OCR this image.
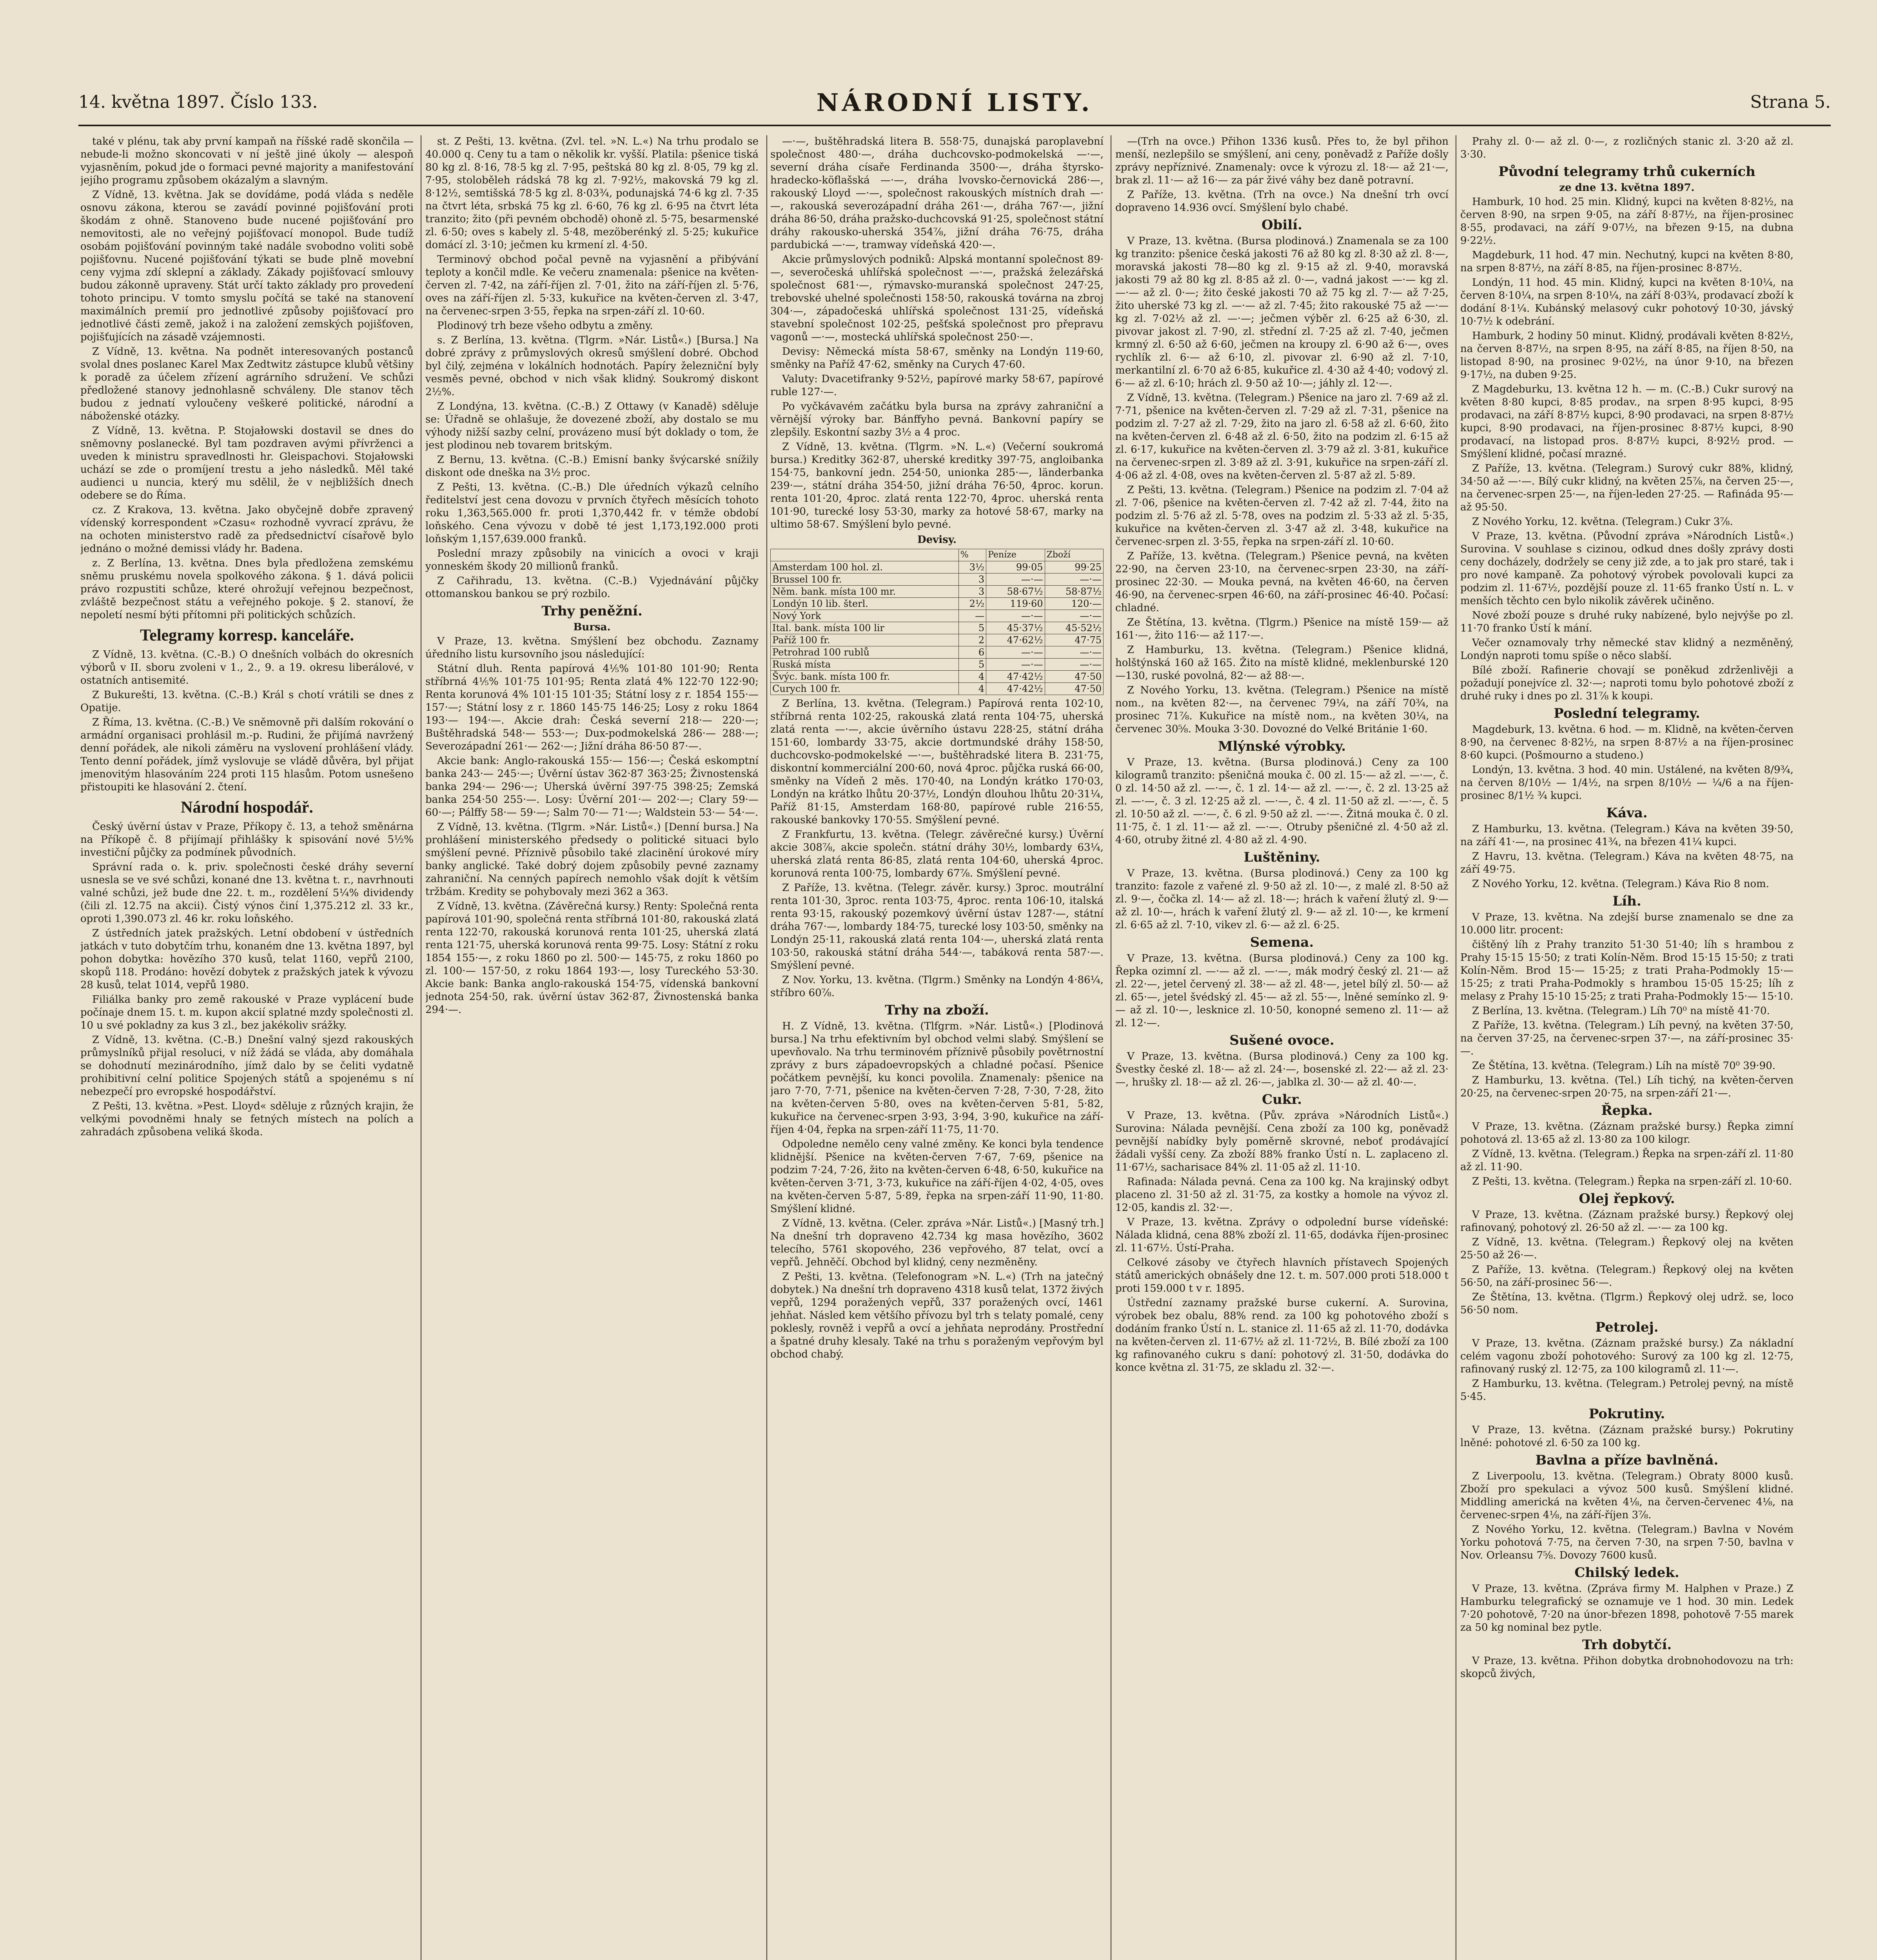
14. května 1897. Číslo 133.	NÁRODNÍ LISTY.	Strana 5.

také v plénu, tak aby první kampaň na říšské radě skončila — nebude-li možno skoncovati v ní ještě jiné úkoly — alespoň vyjasněním, pokud jde o formaci pevné majority a manifestování jejího programu způsobem okázalým a slavným.

Z Vídně, 13. května. Jak se dovídáme, podá vláda s neděle osnovu zákona, kterou se zavádí povinné pojišťování proti škodám z ohně. Stanoveno bude nucené pojišťování pro nemovitosti, ale no veřejný pojišťovací monopol. Bude tudíž osobám pojišťování povinným také nadále svobodno voliti sobě pojišťovnu. Nucené pojišťování týkati se bude plně movební ceny vyjma zdí sklepní a základy. Zákady pojišťovací smlouvy budou zákonně upraveny. Stát určí takto základy pro provedení tohoto principu. V tomto smyslu počítá se také na stanovení maximálních premií pro jednotlivé způsoby pojišťovací pro jednotlivé části země, jakož i na založení zemských pojišťoven, pojišťujících na zásadě vzájemnosti.

Z Vídně, 13. května. Na podnět interesovaných postanců svolal dnes poslanec Karel Max Zedtwitz zástupce klubů většiny k poradě za účelem zřízení agrárního sdružení. Ve schůzi předložené stanovy jednohlasně schváleny. Dle stanov těch budou z jednatí vyloučeny veškeré politické, národní a náboženské otázky.

Z Vídně, 13. května. P. Stojałowski dostavil se dnes do sněmovny poslanecké. Byl tam pozdraven avými přívrženci a uveden k ministru spravedlnosti hr. Gleispachovi. Stojałowski uchází se zde o promíjení trestu a jeho následků. Měl také audienci u nuncia, který mu sdělil, že v nejbližších dnech odebere se do Říma.

cz. Z Krakova, 13. května. Jako obyčejně dobře zpravený vídenský korrespondent »Czasu« rozhodně vyvrací zprávu, že na ochoten ministerstvo radě za předsednictví císařově bylo jednáno o možné demissi vlády hr. Badena.

z. Z Berlína, 13. května. Dnes byla předložena zemskému sněmu pruskému novela spolkového zákona. § 1. dává policii právo rozpustiti schůze, které ohrožují veřejnou bezpečnost, zvláště bezpečnost státu a veřejného pokoje. § 2. stanoví, že nepoletí nesmí býti přítomni při politických schůzích.

Telegramy korresp. kanceláře.

Z Vídně, 13. května. (C.-B.) O dnešních volbách do okresních výborů v II. sboru zvoleni v 1., 2., 9. a 19. okresu liberálové, v ostatních antisemité.

Z Bukurešti, 13. května. (C.-B.) Král s chotí vrátili se dnes z Opatije.

Z Říma, 13. května. (C.-B.) Ve sněmovně při dalším rokování o armádní organisaci prohlásil m.-p. Rudini, že přijímá navržený denní pořádek, ale nikoli záměru na vyslovení prohlášení vlády. Tento denní pořádek, jímž vyslovuje se vládě důvěra, byl přijat jmenovitým hlasováním 224 proti 115 hlasům. Potom usnešeno přistoupiti ke hlasování 2. čtení.

Národní hospodář.

Český úvěrní ústav v Praze, Příkopy č. 13, a tehož směnárna na Příkopě č. 8 přijímají přihlášky k spisování nové 5½% investiční půjčky za podmínek původních.

Správní rada o. k. priv. společnosti české dráhy severní usnesla se ve své schůzi, konané dne 13. května t. r., navrhnouti valné schůzi, jež bude dne 22. t. m., rozdělení 5¼% dividendy (čili zl. 12.75 na akcii). Čistý výnos činí 1,375.212 zl. 33 kr., oproti 1,390.073 zl. 46 kr. roku loňského.

Z ústředních jatek pražských. Letní obdobení v ústředních jatkách v tuto dobytčím trhu, konaném dne 13. května 1897, byl pohon dobytka: hovězího 370 kusů, telat 1160, vepřů 2100, skopů 118. Prodáno: hovězí dobytek z pražských jatek k vývozu 28 kusů, telat 1014, vepřů 1980.

Filiálka banky pro země rakouské v Praze vyplácení bude počínaje dnem 15. t. m. kupon akcií splatné mzdy společnosti zl. 10 u své pokladny za kus 3 zl., bez jakékoliv srážky.

Z Vídně, 13. května. (C.-B.) Dnešní valný sjezd rakouských průmyslníků přijal resoluci, v níž žádá se vláda, aby domáhala se dohodnutí mezinárodního, jímž dalo by se čeliti vydatně prohibitivní celní politice Spojených států a spojenému s ní nebezpečí pro evropské hospodářství.

Z Pešti, 13. května. »Pest. Lloyd« sděluje z různých krajin, že velkými povodněmi hnaly se fetných místech na polích a zahradách způsobena veliká škoda.

st. Z Pešti, 13. května. (Zvl. tel. »N. L.«) Na trhu prodalo se 40.000 q. Ceny tu a tam o několik kr. vyšší. Platila: pšenice tiská 80 kg zl. 8·16, 78·5 kg zl. 7·95, peštská 80 kg zl. 8·05, 79 kg zl. 7·95, stoloběleh rádská 78 kg zl. 7·92½, makovská 79 kg zl. 8·12½, semtišská 78·5 kg zl. 8·03¾, podunajská 74·6 kg zl. 7·35 na čtvrt léta, srbská 75 kg zl. 6·60, 76 kg zl. 6·95 na čtvrt léta tranzito; žito (při pevném obchodě) ohoně zl. 5·75, besarmenské zl. 6·50; oves s kabely zl. 5·48, mezöberénký zl. 5·25; kukuřice domácí zl. 3·10; ječmen ku krmení zl. 4·50.

Terminový obchod počal pevně na vyjasnění a přibývání teploty a končil mdle. Ke večeru znamenala: pšenice na květen-červen zl. 7·42, na září-říjen zl. 7·01, žito na září-říjen zl. 5·76, oves na září-říjen zl. 5·33, kukuřice na květen-červen zl. 3·47, na červenec-srpen 3·55, řepka na srpen-září zl. 10·60.

Plodinový trh beze všeho odbytu a změny.

s. Z Berlína, 13. května. (Tlgrm. »Nár. Listů«.) [Bursa.] Na dobré zprávy z průmyslových okresů smýšlení dobré. Obchod byl čilý, zejména v lokálních hodnotách. Papíry železniční byly vesměs pevné, obchod v nich však klidný. Soukromý diskont 2½%.

Z Londýna, 13. května. (C.-B.) Z Ottawy (v Kanadě) sděluje se: Úřadně se ohlašuje, že dovezené zboží, aby dostalo se mu výhody nižší sazby celní, provázeno musí být doklady o tom, že jest plodinou neb tovarem britským.

Z Bernu, 13. května. (C.-B.) Emisní banky švýcarské snížily diskont ode dneška na 3½ proc.

Z Pešti, 13. května. (C.-B.) Dle úředních výkazů celního ředitelství jest cena dovozu v prvních čtyřech měsících tohoto roku 1,363,565.000 fr. proti 1,370,442 fr. v témže období loňského. Cena vývozu v době té jest 1,173,192.000 proti loňským 1,157,639.000 franků.

Poslední mrazy způsobily na vinicích a ovoci v kraji yonneském škody 20 millionů franků.

Z Cařihradu, 13. května. (C.-B.) Vyjednávání půjčky ottomanskou bankou se prý rozbilo.

Trhy peněžní.
Bursa.

V Praze, 13. května. Smýšlení bez obchodu. Zaznamy úředního listu kursovního jsou následující:

Státní dluh. Renta papírová 4⅕% 101·80 101·90; Renta stříbrná 4⅕% 101·75 101·95; Renta zlatá 4% 122·70 122·90; Renta korunová 4% 101·15 101·35; Státní losy z r. 1854 155·— 157·—; Státní losy z r. 1860 145·75 146·25; Losy z roku 1864 193·— 194·—. Akcie drah: Česká severní 218·— 220·—; Buštěhradská 548·— 553·—; Dux-podmokelská 286·— 288·—; Severozápadní 261·— 262·—; Jižní dráha 86·50 87·—.

Akcie bank: Anglo-rakouská 155·— 156·—; Česká eskomptní banka 243·— 245·—; Úvěrní ústav 362·87 363·25; Živnostenská banka 294·— 296·—; Uherská úvěrní 397·75 398·25; Zemská banka 254·50 255·—. Losy: Úvěrní 201·— 202·—; Clary 59·— 60·—; Pálffy 58·— 59·—; Salm 70·— 71·—; Waldstein 53·— 54·—.

Z Vídně, 13. května. (Tlgrm. »Nár. Listů«.) [Denní bursa.] Na prohlášení ministerského předsedy o politické situaci bylo smýšlení pevné. Příznivě působilo také zlacinění úrokové míry banky anglické. Také dobrý dojem způsobily pevné zaznamy zahraniční. Na cenných papírech nemohlo však dojít k větším tržbám. Kredity se pohybovaly mezi 362 a 363.

Z Vídně, 13. května. (Závěrečná kursy.) Renty: Společná renta papírová 101·90, společná renta stříbrná 101·80, rakouská zlatá renta 122·70, rakouská korunová renta 101·25, uherská zlatá renta 121·75, uherská korunová renta 99·75. Losy: Státní z roku 1854 155·—, z roku 1860 po zl. 500·— 145·75, z roku 1860 po zl. 100·— 157·50, z roku 1864 193·—, losy Tureckého 53·30. Akcie bank: Banka anglo-rakouská 154·75, vídenská bankovní jednota 254·50, rak. úvěrní ústav 362·87, Živnostenská banka 294·—.

—·—, buštěhradská litera B. 558·75, dunajská paroplavební společnost 480·—, dráha duchcovsko-podmokelská —·—, severní dráha císaře Ferdinanda 3500·—, dráha štyrsko-hradecko-köflašská —·—, dráha lvovsko-černovická 286·—, rakouský Lloyd —·—, společnost rakouských místních drah —·—, rakouská severozápadní dráha 261·—, dráha 767·—, jižní dráha 86·50, dráha pražsko-duchcovská 91·25, společnost státní dráhy rakousko-uherská 354⅞, jižní dráha 76·75, dráha pardubická —·—, tramway vídeňská 420·—.

Akcie průmyslových podniků: Alpská montanní společnost 89·—, severočeská uhlířská společnost —·—, pražská železářská společnost 681·—, rýmavsko-muranská společnost 247·25, trebovské uhelné společnosti 158·50, rakouská továrna na zbroj 304·—, západočeská uhlířská společnost 131·25, vídeňská stavební společnost 102·25, pešťská společnost pro přepravu vagonů —·—, mostecká uhlířská společnost 250·—.

Devisy: Německá místa 58·67, směnky na Londýn 119·60, směnky na Paříž 47·62, směnky na Curych 47·60.

Valuty: Dvacetifranky 9·52½, papírové marky 58·67, papírové ruble 127·—.

Po vyčkávavém začátku byla bursa na zprávy zahraniční a věrnější výroky bar. Bánffyho pevná. Bankovní papíry se zlepšily. Eskontní sazby 3½ a 4 proc.

Z Vídně, 13. května. (Tlgrm. »N. L.«) (Večerní soukromá bursa.) Kreditky 362·87, uherské kreditky 397·75, angloibanka 154·75, bankovní jedn. 254·50, unionka 285·—, länderbanka 239·—, státní dráha 354·50, jižní dráha 76·50, 4proc. korun. renta 101·20, 4proc. zlatá renta 122·70, 4proc. uherská renta 101·90, turecké losy 53·30, marky za hotové 58·67, marky na ultimo 58·67. Smýšlení bylo pevné.

Devisy.
	%	Peníze	Zboží
Amsterdam 100 hol. zl.	3½	99·05	99·25
Brussel 100 fr.	3	—·—	—·—
Něm. bank. místa 100 mr.	3	58·67½	58·87½
Londýn 10 lib. šterl.	2½	119·60	120·—
Nový York	—	—·—	—·—
Ital. bank. místa 100 lir	5	45·37½	45·52½
Paříž 100 fr.	2	47·62½	47·75
Petrohrad 100 rublů	6	—·—	—·—
Ruská místa	5	—·—	—·—
Švýc. bank. místa 100 fr.	4	47·42½	47·50
Curych 100 fr.	4	47·42½	47·50

Z Berlína, 13. května. (Telegram.) Papírová renta 102·10, stříbrná renta 102·25, rakouská zlatá renta 104·75, uherská zlatá renta —·—, akcie úvěrního ústavu 228·25, státní dráha 151·60, lombardy 33·75, akcie dortmundské dráhy 158·50, duchcovsko-podmokelské —·—, buštěhradské litera B. 231·75, diskontní kommerciální 200·60, nová 4proc. půjčka ruská 66·00, směnky na Vídeň 2 měs. 170·40, na Londýn krátko 170·03, Londýn na krátko lhůtu 20·37½, Londýn dlouhou lhůtu 20·31¼, Paříž 81·15, Amsterdam 168·80, papírové ruble 216·55, rakouské bankovky 170·55. Smýšlení pevné.

Z Frankfurtu, 13. května. (Telegr. závěrečné kursy.) Úvěrní akcie 308⅞, akcie společn. státní dráhy 30½, lombardy 63¼, uherská zlatá renta 86·85, zlatá renta 104·60, uherská 4proc. korunová renta 100·75, lombardy 67⅞. Smýšlení pevné.

Z Paříže, 13. května. (Telegr. závěr. kursy.) 3proc. moutrální renta 101·30, 3proc. renta 103·75, 4proc. renta 106·10, italská renta 93·15, rakouský pozemkový úvěrní ústav 1287·—, státní dráha 767·—, lombardy 184·75, turecké losy 103·50, směnky na Londýn 25·11, rakouská zlatá renta 104·—, uherská zlatá renta 103·50, rakouská státní dráha 544·—, tabáková renta 587·—. Smýšlení pevné.

Z Nov. Yorku, 13. května. (Tlgrm.) Směnky na Londýn 4·86¼, stříbro 60⅞.

Trhy na zboží.

H. Z Vídně, 13. května. (Tlfgrm. »Nár. Listů«.) [Plodinová bursa.] Na trhu efektivním byl obchod velmi slabý. Smýšlení se upevňovalo. Na trhu terminovém příznivě působily povětrnostní zprávy z burs západoevropských a chladné počasí. Pšenice počátkem pevnější, ku konci povolila. Znamenaly: pšenice na jaro 7·70, 7·71, pšenice na květen-červen 7·28, 7·30, 7·28, žito na květen-červen 5·80, oves na květen-červen 5·81, 5·82, kukuřice na červenec-srpen 3·93, 3·94, 3·90, kukuřice na září-říjen 4·04, řepka na srpen-září 11·75, 11·70.

Odpoledne nemělo ceny valné změny. Ke konci byla tendence klidnější. Pšenice na květen-červen 7·67, 7·69, pšenice na podzim 7·24, 7·26, žito na květen-červen 6·48, 6·50, kukuřice na květen-červen 3·71, 3·73, kukuřice na září-říjen 4·02, 4·05, oves na květen-červen 5·87, 5·89, řepka na srpen-září 11·90, 11·80. Smýšlení klidné.

Z Vídně, 13. května. (Celer. zpráva »Nár. Listů«.) [Masný trh.] Na dnešní trh dopraveno 42.734 kg masa hovězího, 3602 telecího, 5761 skopového, 236 vepřového, 87 telat, ovcí a vepřů. Jehněčí. Obchod byl klidný, ceny nezměněny.

Z Pešti, 13. května. (Telefonogram »N. L.«) (Trh na jatečný dobytek.) Na dnešní trh dopraveno 4318 kusů telat, 1372 živých vepřů, 1294 poražených vepřů, 337 poražených ovcí, 1461 jehňat. Násled kem většího přívozu byl trh s telaty pomalé, ceny poklesly, rovněž i vepřů a ovcí a jehňata neprodány. Prostřední a špatné druhy klesaly. Také na trhu s poraženým vepřovým byl obchod chabý.

—(Trh na ovce.) Přihon 1336 kusů. Přes to, že byl přihon menší, nezlepšilo se smýšlení, ani ceny, poněvadž z Paříže došly zprávy nepříznivé. Znamenaly: ovce k výrozu zl. 18·— až 21·—, brak zl. 11·— až 16·— za pár živé váhy bez daně potravní.

Z Paříže, 13. května. (Trh na ovce.) Na dnešní trh ovcí dopraveno 14.936 ovcí. Smýšlení bylo chabé.

Obilí.

V Praze, 13. května. (Bursa plodinová.) Znamenala se za 100 kg tranzito: pšenice česká jakosti 76 až 80 kg zl. 8·30 až zl. 8·—, moravská jakosti 78—80 kg zl. 9·15 až zl. 9·40, moravská jakosti 79 až 80 kg zl. 8·85 až zl. 0·—, vadná jakost —·— kg zl. —·— až zl. 0·—; žito české jakosti 70 až 75 kg zl. 7·— až 7·25, žito uherské 73 kg zl. —·— až zl. 7·45; žito rakouské 75 až —·— kg zl. 7·02½ až zl. —·—; ječmen výběr zl. 6·25 až 6·30, zl. pivovar jakost zl. 7·90, zl. střední zl. 7·25 až zl. 7·40, ječmen krmný zl. 6·50 až 6·60, ječmen na kroupy zl. 6·90 až 6·—, oves rychlík zl. 6·— až 6·10, zl. pivovar zl. 6·90 až zl. 7·10, merkantilní zl. 6·70 až 6·85, kukuřice zl. 4·30 až 4·40; vodový zl. 6·— až zl. 6·10; hrách zl. 9·50 až 10·—; jáhly zl. 12·—.

Z Vídně, 13. května. (Telegram.) Pšenice na jaro zl. 7·69 až zl. 7·71, pšenice na květen-červen zl. 7·29 až zl. 7·31, pšenice na podzim zl. 7·27 až zl. 7·29, žito na jaro zl. 6·58 až zl. 6·60, žito na květen-červen zl. 6·48 až zl. 6·50, žito na podzim zl. 6·15 až zl. 6·17, kukuřice na květen-červen zl. 3·79 až zl. 3·81, kukuřice na červenec-srpen zl. 3·89 až zl. 3·91, kukuřice na srpen-září zl. 4·06 až zl. 4·08, oves na květen-červen zl. 5·87 až zl. 5·89.

Z Pešti, 13. května. (Telegram.) Pšenice na podzim zl. 7·04 až zl. 7·06, pšenice na květen-červen zl. 7·42 až zl. 7·44, žito na podzim zl. 5·76 až zl. 5·78, oves na podzim zl. 5·33 až zl. 5·35, kukuřice na květen-červen zl. 3·47 až zl. 3·48, kukuřice na červenec-srpen zl. 3·55, řepka na srpen-září zl. 10·60.

Z Paříže, 13. května. (Telegram.) Pšenice pevná, na květen 22·90, na červen 23·10, na červenec-srpen 23·30, na září-prosinec 22·30. — Mouka pevná, na květen 46·60, na červen 46·90, na červenec-srpen 46·60, na září-prosinec 46·40. Počasí: chladné.

Ze Štětína, 13. května. (Tlgrm.) Pšenice na místě 159·— až 161·—, žito 116·— až 117·—.

Z Hamburku, 13. května. (Telegram.) Pšenice klidná, holštýnská 160 až 165. Žito na místě klidné, meklenburské 120—130, ruské povolná, 82·— až 88·—.

Z Nového Yorku, 13. května. (Telegram.) Pšenice na místě nom., na květen 82·—, na červenec 79¼, na září 70¾, na prosinec 71⅞. Kukuřice na místě nom., na květen 30¼, na červenec 30⅝. Mouka 3·30. Dovozné do Velké Británie 1·60.

Mlýnské výrobky.

V Praze, 13. května. (Bursa plodinová.) Ceny za 100 kilogramů tranzito: pšeničná mouka č. 00 zl. 15·— až zl. —·—, č. 0 zl. 14·50 až zl. —·—, č. 1 zl. 14·— až zl. —·—, č. 2 zl. 13·25 až zl. —·—, č. 3 zl. 12·25 až zl. —·—, č. 4 zl. 11·50 až zl. —·—, č. 5 zl. 10·50 až zl. —·—, č. 6 zl. 9·50 až zl. —·—. Žitná mouka č. 0 zl. 11·75, č. 1 zl. 11·— až zl. —·—. Otruby pšeničné zl. 4·50 až zl. 4·60, otruby žitné zl. 4·80 až zl. 4·90.

Luštěniny.

V Praze, 13. května. (Bursa plodinová.) Ceny za 100 kg tranzito: fazole z vařené zl. 9·50 až zl. 10·—, z malé zl. 8·50 až zl. 9·—, čočka zl. 14·— až zl. 18·—; hrách k vaření žlutý zl. 9·— až zl. 10·—, hrách k vaření žlutý zl. 9·— až zl. 10·—, ke krmení zl. 6·65 až zl. 7·10, vikev zl. 6·— až zl. 6·25.

Semena.

V Praze, 13. května. (Bursa plodinová.) Ceny za 100 kg. Řepka ozimní zl. —·— až zl. —·—, mák modrý český zl. 21·— až zl. 22·—, jetel červený zl. 38·— až zl. 48·—, jetel bílý zl. 50·— až zl. 65·—, jetel švédský zl. 45·— až zl. 55·—, lněné semínko zl. 9·— až zl. 10·—, lesknice zl. 10·50, konopné semeno zl. 11·— až zl. 12·—.

Sušené ovoce.

V Praze, 13. května. (Bursa plodinová.) Ceny za 100 kg. Švestky české zl. 18·— až zl. 24·—, bosenské zl. 22·— až zl. 23·—, hrušky zl. 18·— až zl. 26·—, jablka zl. 30·— až zl. 40·—.

Cukr.

V Praze, 13. května. (Pův. zpráva »Národních Listů«.) Surovina: Nálada pevnější. Cena zboží za 100 kg, poněvadž pevnější nabídky byly poměrně skrovné, neboť prodávající žádali vyšší ceny. Za zboží 88% franko Ústí n. L. zaplaceno zl. 11·67½, sacharisace 84% zl. 11·05 až zl. 11·10.

Rafinada: Nálada pevná. Cena za 100 kg. Na krajinský odbyt placeno zl. 31·50 až zl. 31·75, za kostky a homole na vývoz zl. 12·05, kandis zl. 32·—.

V Praze, 13. května. Zprávy o odpolední burse vídeňské: Nálada klidná, cena 88% zboží zl. 11·65, dodávka říjen-prosinec zl. 11·67½. Ústí-Praha.

Celkové zásoby ve čtyřech hlavních přístavech Spojených států amerických obnášely dne 12. t. m. 507.000 proti 518.000 t proti 159.000 t v r. 1895.

Ústřední zaznamy pražské burse cukerní. A. Surovina, výrobek bez obalu, 88% rend. za 100 kg pohotového zboží s dodáním franko Ústí n. L. stanice zl. 11·65 až zl. 11·70, dodávka na květen-červen zl. 11·67½ až zl. 11·72½, B. Bílé zboží za 100 kg rafinovaného cukru s daní: pohotový zl. 31·50, dodávka do konce května zl. 31·75, ze skladu zl. 32·—.

Prahy zl. 0·— až zl. 0·—, z rozličných stanic zl. 3·20 až zl. 3·30.

Původní telegramy trhů cukerních
ze dne 13. května 1897.

Hamburk, 10 hod. 25 min. Klidný, kupci na květen 8·82½, na červen 8·90, na srpen 9·05, na září 8·87½, na říjen-prosinec 8·55, prodavaci, na září 9·07½, na březen 9·15, na dubna 9·22½.

Magdeburk, 11 hod. 47 min. Nechutný, kupci na květen 8·80, na srpen 8·87½, na září 8·85, na říjen-prosinec 8·87½.

Londýn, 11 hod. 45 min. Klidný, kupci na květen 8·10¼, na červen 8·10¼, na srpen 8·10¼, na září 8·03¾, prodavací zboží k dodání 8·1¼. Kubánský melasový cukr pohotový 10·30, jávský 10·7½ k odebrání.

Hamburk, 2 hodiny 50 minut. Klidný, prodávali květen 8·82½, na červen 8·87½, na srpen 8·95, na září 8·85, na říjen 8·50, na listopad 8·90, na prosinec 9·02½, na únor 9·10, na březen 9·17½, na duben 9·25.

Z Magdeburku, 13. května 12 h. — m. (C.-B.) Cukr surový na květen 8·80 kupci, 8·85 prodav., na srpen 8·95 kupci, 8·95 prodavaci, na září 8·87½ kupci, 8·90 prodavaci, na srpen 8·87½ kupci, 8·90 prodavaci, na říjen-prosinec 8·87½ kupci, 8·90 prodavací, na listopad pros. 8·87½ kupci, 8·92½ prod. — Smýšlení klidné, počasí mrazné.

Z Paříže, 13. května. (Telegram.) Surový cukr 88%, klidný, 34·50 až —·—. Bílý cukr klidný, na květen 25⅞, na červen 25·—, na červenec-srpen 25·—, na říjen-leden 27·25. — Rafináda 95·— až 95·50.

Z Nového Yorku, 12. května. (Telegram.) Cukr 3⅞.

V Praze, 13. května. (Původní zpráva »Národních Listů«.) Surovina. V souhlase s cizinou, odkud dnes došly zprávy dosti ceny docházely, dodržely se ceny již zde, a to jak pro staré, tak i pro nové kampaně. Za pohotový výrobek povolovali kupci za podzim zl. 11·67½, pozdější pouze zl. 11·65 franko Ústí n. L. v menších těchto cen bylo nikolik závěrek učiněno.

Nové zboží pouze s druhé ruky nabízené, bylo nejvýše po zl. 11·70 franko Ústí k mání.

Večer oznamovaly trhy německé stav klidný a nezměněný, Londýn naproti tomu spíše o něco slabší.

Bílé zboží. Rafinerie chovají se poněkud zdrženlivěji a požadují ponejvíce zl. 32·—; naproti tomu bylo pohotové zboží z druhé ruky i dnes po zl. 31⅞ k koupi.

Poslední telegramy.

Magdeburk, 13. května. 6 hod. — m. Klidně, na květen-červen 8·90, na červenec 8·82½, na srpen 8·87½ a na říjen-prosinec 8·60 kupci. (Pošmourno a studeno.)

Londýn, 13. května. 3 hod. 40 min. Ustálené, na květen 8/9¾, na červen 8/10½ — 1/4½, na srpen 8/10½ — ¼/6 a na říjen-prosinec 8/1½ ¾ kupci.

Káva.

Z Hamburku, 13. května. (Telegram.) Káva na květen 39·50, na září 41·—, na prosinec 41¾, na březen 41¼ kupci.

Z Havru, 13. května. (Telegram.) Káva na květen 48·75, na září 49·75.

Z Nového Yorku, 12. května. (Telegram.) Káva Rio 8 nom.

Líh.

V Praze, 13. května. Na zdejší burse znamenalo se dne za 10.000 litr. procent:

čištěný líh z Prahy tranzito 51·30 51·40; líh s hrambou z Prahy 15·15 15·50; z trati Kolín-Něm. Brod 15·15 15·50; z trati Kolín-Něm. Brod 15·— 15·25; z trati Praha-Podmokly 15·— 15·25; z trati Praha-Podmokly s hrambou 15·05 15·25; líh z melasy z Prahy 15·10 15·25; z trati Praha-Podmokly 15·— 15·10.

Z Berlína, 13. května. (Telegram.) Líh 70⁰ na místě 41·70.

Z Paříže, 13. května. (Telegram.) Líh pevný, na květen 37·50, na červen 37·25, na červenec-srpen 37·—, na září-prosinec 35·—.

Ze Štětína, 13. května. (Telegram.) Líh na místě 70⁰ 39·90.

Z Hamburku, 13. května. (Tel.) Líh tichý, na květen-červen 20·25, na červenec-srpen 20·75, na srpen-září 21·—.

Řepka.

V Praze, 13. května. (Záznam pražské bursy.) Řepka zimní pohotová zl. 13·65 až zl. 13·80 za 100 kilogr.

Z Vídně, 13. května. (Telegram.) Řepka na srpen-září zl. 11·80 až zl. 11·90.

Z Pešti, 13. května. (Telegram.) Řepka na srpen-září zl. 10·60.

Olej řepkový.

V Praze, 13. května. (Záznam pražské bursy.) Řepkový olej rafinovaný, pohotový zl. 26·50 až zl. —·— za 100 kg.

Z Vídně, 13. května. (Telegram.) Řepkový olej na květen 25·50 až 26·—.

Z Paříže, 13. května. (Telegram.) Řepkový olej na květen 56·50, na září-prosinec 56·—.

Ze Štětína, 13. května. (Tlgrm.) Řepkový olej udrž. se, loco 56·50 nom.

Petrolej.

V Praze, 13. května. (Záznam pražské bursy.) Za nákladní celém vagonu zboží pohotového: Surový za 100 kg zl. 12·75, rafinovaný ruský zl. 12·75, za 100 kilogramů zl. 11·—.

Z Hamburku, 13. května. (Telegram.) Petrolej pevný, na místě 5·45.

Pokrutiny.

V Praze, 13. května. (Záznam pražské bursy.) Pokrutiny lněné: pohotové zl. 6·50 za 100 kg.

Bavlna a příze bavlněná.

Z Liverpoolu, 13. května. (Telegram.) Obraty 8000 kusů. Zboží pro spekulaci a vývoz 500 kusů. Smýšlení klidné. Middling americká na květen 4⅛, na červen-červenec 4⅛, na červenec-srpen 4⅛, na září-říjen 3⅞.

Z Nového Yorku, 12. května. (Telegram.) Bavlna v Novém Yorku pohotová 7·75, na červen 7·30, na srpen 7·50, bavlna v Nov. Orleansu 7⅝. Dovozy 7600 kusů.

Chilský ledek.

V Praze, 13. května. (Zpráva firmy M. Halphen v Praze.) Z Hamburku telegrafický se oznamuje ve 1 hod. 30 min. Ledek 7·20 pohotově, 7·20 na únor-březen 1898, pohotově 7·55 marek za 50 kg nominal bez pytle.

Trh dobytčí.

V Praze, 13. května. Přihon dobytka drobnohodovozu na trh: skopců živých,
